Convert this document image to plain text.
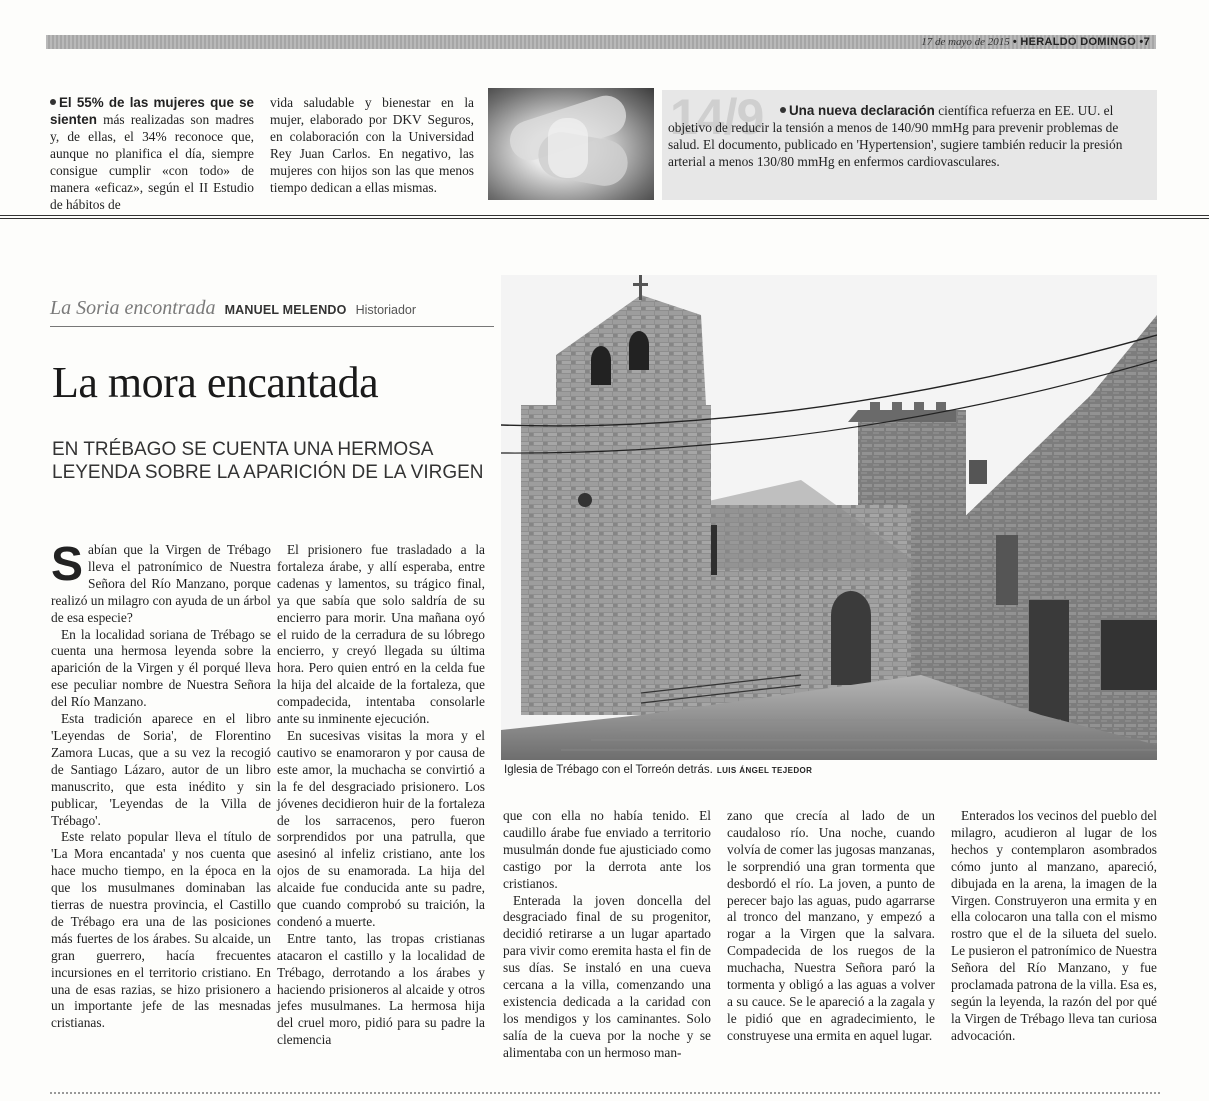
17 de mayo de 2015 • HERALDO DOMINGO •7
El 55% de las mujeres que se sienten más realizadas son madres y, de ellas, el 34% reconoce que, aunque no planifica el día, siempre consigue cumplir «con todo» de manera «eficaz», según el II Estudio de hábitos de
vida saludable y bienestar en la mujer, elaborado por DKV Seguros, en colaboración con la Universidad Rey Juan Carlos. En negativo, las mujeres con hijos son las que menos tiempo dedican a ellas mismas.
14/9	Una nueva declaración científica refuerza en EE. UU. el objetivo de reducir la tensión a menos de 140/90 mmHg para prevenir problemas de salud. El documento, publicado en 'Hypertension', sugiere también reducir la presión arterial a menos 130/80 mmHg en enfermos cardiovasculares.
La Soria encontrada MANUEL MELENDO Historiador
La mora encantada
EN TRÉBAGO SE CUENTA UNA HERMOSA LEYENDA SOBRE LA APARICIÓN DE LA VIRGEN
Iglesia de Trébago con el Torreón detrás. LUIS ÁNGEL TEJEDOR

Sabían que la Virgen de Trébago lleva el patronímico de Nuestra Señora del Río Manzano, porque realizó un milagro con ayuda de un árbol de esa especie?

En la localidad soriana de Trébago se cuenta una hermosa leyenda sobre la aparición de la Virgen y él porqué lleva ese peculiar nombre de Nuestra Señora del Río Manzano.

Esta tradición aparece en el libro 'Leyendas de Soria', de Florentino Zamora Lucas, que a su vez la recogió de Santiago Lázaro, autor de un libro manuscrito, que esta inédito y sin publicar, 'Leyendas de la Villa de Trébago'.

Este relato popular lleva el título de 'La Mora encantada' y nos cuenta que hace mucho tiempo, en la época en la que los musulmanes dominaban las tierras de nuestra provincia, el Castillo de Trébago era una de las posiciones más fuertes de los árabes. Su alcaide, un gran guerrero, hacía frecuentes incursiones en el territorio cristiano. En una de esas razias, se hizo prisionero a un importante jefe de las mesnadas cristianas.

El prisionero fue trasladado a la fortaleza árabe, y allí esperaba, entre cadenas y lamentos, su trágico final, ya que sabía que solo saldría de su encierro para morir. Una mañana oyó el ruido de la cerradura de su lóbrego encierro, y creyó llegada su última hora. Pero quien entró en la celda fue la hija del alcaide de la fortaleza, que compadecida, intentaba consolarle ante su inminente ejecución.

En sucesivas visitas la mora y el cautivo se enamoraron y por causa de este amor, la muchacha se convirtió a la fe del desgraciado prisionero. Los jóvenes decidieron huir de la fortaleza de los sarracenos, pero fueron sorprendidos por una patrulla, que asesinó al infeliz cristiano, ante los ojos de su enamorada. La hija del alcaide fue conducida ante su padre, que cuando comprobó su traición, la condenó a muerte.

Entre tanto, las tropas cristianas atacaron el castillo y la localidad de Trébago, derrotando a los árabes y haciendo prisioneros al alcaide y otros jefes musulmanes. La hermosa hija del cruel moro, pidió para su padre la clemencia

que con ella no había tenido. El caudillo árabe fue enviado a territorio musulmán donde fue ajusticiado como castigo por la derrota ante los cristianos.

Enterada la joven doncella del desgraciado final de su progenitor, decidió retirarse a un lugar apartado para vivir como eremita hasta el fin de sus días. Se instaló en una cueva cercana a la villa, comenzando una existencia dedicada a la caridad con los mendigos y los caminantes. Solo salía de la cueva por la noche y se alimentaba con un hermoso man-

zano que crecía al lado de un caudaloso río. Una noche, cuando volvía de comer las jugosas manzanas, le sorprendió una gran tormenta que desbordó el río. La joven, a punto de perecer bajo las aguas, pudo agarrarse al tronco del manzano, y empezó a rogar a la Virgen que la salvara. Compadecida de los ruegos de la muchacha, Nuestra Señora paró la tormenta y obligó a las aguas a volver a su cauce. Se le apareció a la zagala y le pidió que en agradecimiento, le construyese una ermita en aquel lugar.

Enterados los vecinos del pueblo del milagro, acudieron al lugar de los hechos y contemplaron asombrados cómo junto al manzano, apareció, dibujada en la arena, la imagen de la Virgen. Construyeron una ermita y en ella colocaron una talla con el mismo rostro que el de la silueta del suelo. Le pusieron el patronímico de Nuestra Señora del Río Manzano, y fue proclamada patrona de la villa. Esa es, según la leyenda, la razón del por qué la Virgen de Trébago lleva tan curiosa advocación.
